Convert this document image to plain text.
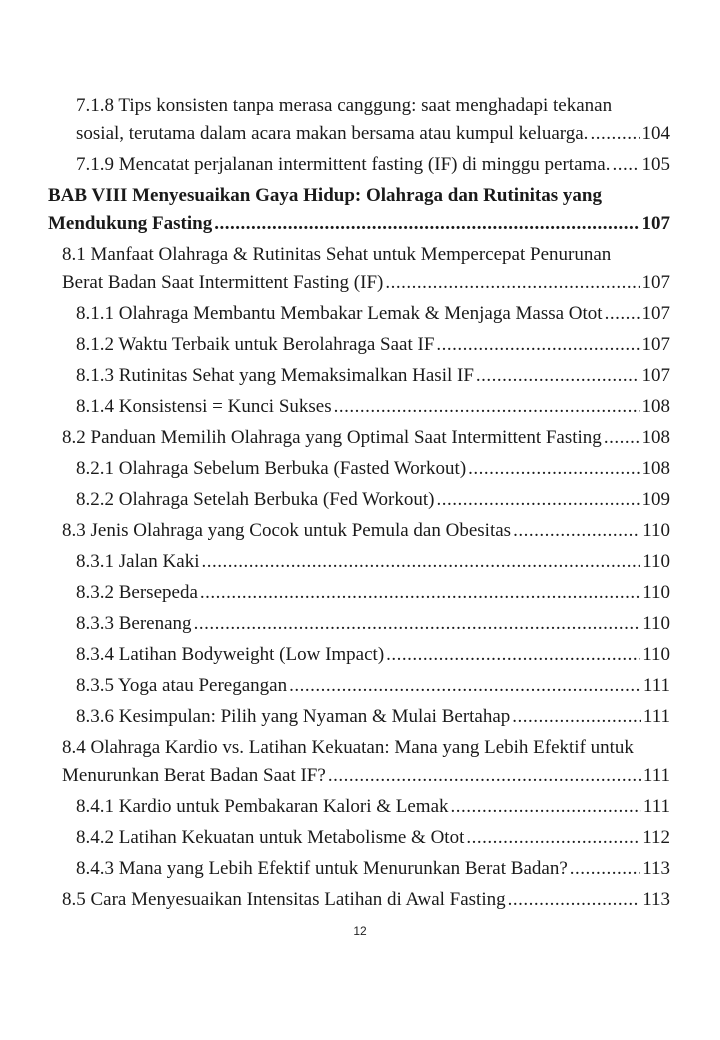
7.1.8 Tips konsisten tanpa merasa canggung: saat menghadapi tekanan
sosial, terutama dalam acara makan bersama atau kumpul keluarga. .....	104
7.1.9 Mencatat perjalanan intermittent fasting (IF) di minggu pertama. ..... 105
BAB VIII Menyesuaikan Gaya Hidup: Olahraga dan Rutinitas yang
Mendukung Fasting .....	107
8.1 Manfaat Olahraga & Rutinitas Sehat untuk Mempercepat Penurunan
Berat Badan Saat Intermittent Fasting (IF) .....	107
8.1.1 Olahraga Membantu Membakar Lemak & Menjaga Massa Otot ..... 107
8.1.2 Waktu Terbaik untuk Berolahraga Saat IF .....	107
8.1.3 Rutinitas Sehat yang Memaksimalkan Hasil IF .....	107
8.1.4 Konsistensi = Kunci Sukses .....	108
8.2 Panduan Memilih Olahraga yang Optimal Saat Intermittent Fasting ..... 108
8.2.1 Olahraga Sebelum Berbuka (Fasted Workout) .....	108
8.2.2 Olahraga Setelah Berbuka (Fed Workout) .....	109
8.3 Jenis Olahraga yang Cocok untuk Pemula dan Obesitas .....	110
8.3.1 Jalan Kaki .....	110
8.3.2 Bersepeda .....	110
8.3.3 Berenang .....	110
8.3.4 Latihan Bodyweight (Low Impact) .....	110
8.3.5 Yoga atau Peregangan .....	111
8.3.6 Kesimpulan: Pilih yang Nyaman & Mulai Bertahap .....	111
8.4 Olahraga Kardio vs. Latihan Kekuatan: Mana yang Lebih Efektif untuk
Menurunkan Berat Badan Saat IF? .....	111
8.4.1 Kardio untuk Pembakaran Kalori & Lemak .....	111
8.4.2 Latihan Kekuatan untuk Metabolisme & Otot .....	112
8.4.3 Mana yang Lebih Efektif untuk Menurunkan Berat Badan? .....	113
8.5 Cara Menyesuaikan Intensitas Latihan di Awal Fasting .....	113
12
